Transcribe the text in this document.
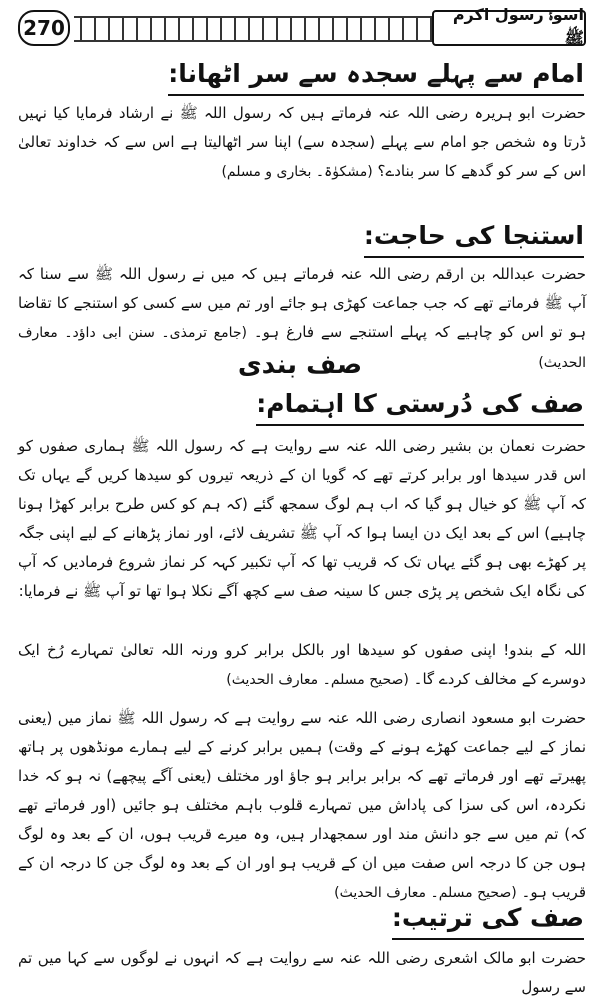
270
اسوۂ رسول اکرم ﷺ
امام سے پہلے سجدہ سے سر اٹھانا:
حضرت ابو ہریرہ رضی اللہ عنہ فرماتے ہیں کہ رسول اللہ ﷺ نے ارشاد فرمایا کیا نہیں ڈرتا وہ شخص جو امام سے پہلے (سجدہ سے) اپنا سر اٹھالیتا ہے اس سے کہ خداوند تعالیٰ اس کے سر کو گدھے کا سر بنادے؟ (مشکوٰۃ۔ بخاری و مسلم)
استنجا کی حاجت:
حضرت عبداللہ بن ارقم رضی اللہ عنہ فرماتے ہیں کہ میں نے رسول اللہ ﷺ سے سنا کہ آپ ﷺ فرماتے تھے کہ جب جماعت کھڑی ہو جائے اور تم میں سے کسی کو استنجے کا تقاضا ہو تو اس کو چاہیے کہ پہلے استنجے سے فارغ ہو۔ (جامع ترمذی۔ سنن ابی داؤد۔ معارف الحدیث)
صف بندی
صف کی دُرستی کا اہتمام:
حضرت نعمان بن بشیر رضی اللہ عنہ سے روایت ہے کہ رسول اللہ ﷺ ہماری صفوں کو اس قدر سیدھا اور برابر کرتے تھے کہ گویا ان کے ذریعہ تیروں کو سیدھا کریں گے یہاں تک کہ آپ ﷺ کو خیال ہو گیا کہ اب ہم لوگ سمجھ گئے (کہ ہم کو کس طرح برابر کھڑا ہونا چاہیے) اس کے بعد ایک دن ایسا ہوا کہ آپ ﷺ تشریف لائے، اور نماز پڑھانے کے لیے اپنی جگہ پر کھڑے بھی ہو گئے یہاں تک کہ قریب تھا کہ آپ تکبیر کہہ کر نماز شروع فرمادیں کہ آپ کی نگاہ ایک شخص پر پڑی جس کا سینہ صف سے کچھ آگے نکلا ہوا تھا تو آپ ﷺ نے فرمایا:
اللہ کے بندو! اپنی صفوں کو سیدھا اور بالکل برابر کرو ورنہ اللہ تعالیٰ تمہارے رُخ ایک دوسرے کے مخالف کردے گا۔ (صحیح مسلم۔ معارف الحدیث)
حضرت ابو مسعود انصاری رضی اللہ عنہ سے روایت ہے کہ رسول اللہ ﷺ نماز میں (یعنی نماز کے لیے جماعت کھڑے ہونے کے وقت) ہمیں برابر کرنے کے لیے ہمارے مونڈھوں پر ہاتھ پھیرتے تھے اور فرماتے تھے کہ برابر برابر ہو جاؤ اور مختلف (یعنی آگے پیچھے) نہ ہو کہ خدا نکردہ، اس کی سزا کی پاداش میں تمہارے قلوب باہم مختلف ہو جائیں (اور فرماتے تھے کہ) تم میں سے جو دانش مند اور سمجھدار ہیں، وہ میرے قریب ہوں، ان کے بعد وہ لوگ ہوں جن کا درجہ اس صفت میں ان کے قریب ہو اور ان کے بعد وہ لوگ جن کا درجہ ان کے قریب ہو۔ (صحیح مسلم۔ معارف الحدیث)
صف کی ترتیب:
حضرت ابو مالک اشعری رضی اللہ عنہ سے روایت ہے کہ انہوں نے لوگوں سے کہا میں تم سے رسول
